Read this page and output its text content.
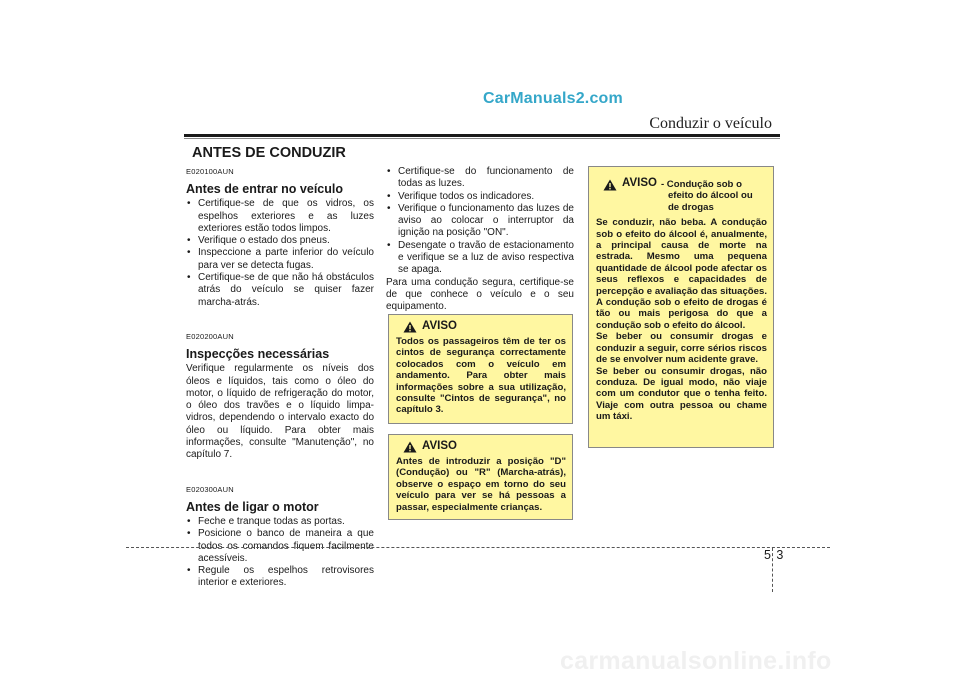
CarManuals2.com
Conduzir o veículo
ANTES DE CONDUZIR
E020100AUN
Antes de entrar no veículo
• Certifique-se de que os vidros, os espelhos exteriores e as luzes exteriores estão todos limpos.
• Verifique o estado dos pneus.
• Inspeccione a parte inferior do veículo para ver se detecta fugas.
• Certifique-se de que não há obstáculos atrás do veículo se quiser fazer marcha-atrás.
E020200AUN
Inspecções necessárias
Verifique regularmente os níveis dos óleos e líquidos, tais como o óleo do motor, o líquido de refrigeração do motor, o óleo dos travões e o líquido limpa-vidros, dependendo o intervalo exacto do óleo ou líquido. Para obter mais informações, consulte "Manutenção", no capítulo 7.
E020300AUN
Antes de ligar o motor
• Feche e tranque todas as portas.
• Posicione o banco de maneira a que todos os comandos fiquem facilmente acessíveis.
• Regule os espelhos retrovisores interior e exteriores.
• Certifique-se do funcionamento de todas as luzes.
• Verifique todos os indicadores.
• Verifique o funcionamento das luzes de aviso ao colocar o interruptor da ignição na posição "ON".
• Desengate o travão de estacionamento e verifique se a luz de aviso respectiva se apaga.
Para uma condução segura, certifique-se de que conhece o veículo e o seu equipamento.
AVISO
Todos os passageiros têm de ter os cintos de segurança correctamente colocados com o veículo em andamento. Para obter mais informações sobre a sua utilização, consulte "Cintos de segurança", no capítulo 3.
AVISO
Antes de introduzir a posição "D" (Condução) ou "R" (Marcha-atrás), observe o espaço em torno do seu veículo para ver se há pessoas a passar, especialmente crianças.
AVISO - Condução sob o
efeito do álcool ou
de drogas

Se conduzir, não beba. A condução sob o efeito do álcool é, anualmente, a principal causa de morte na estrada. Mesmo uma pequena quantidade de álcool pode afectar os seus reflexos e capacidades de percepção e avaliação das situações. A condução sob o efeito de drogas é tão ou mais perigosa do que a condução sob o efeito do álcool.

Se beber ou consumir drogas e conduzir a seguir, corre sérios riscos de se envolver num acidente grave.

Se beber ou consumir drogas, não conduza. De igual modo, não viaje com um condutor que o tenha feito. Viaje com outra pessoa ou chame um táxi.

5 3
carmanualsonline.info
